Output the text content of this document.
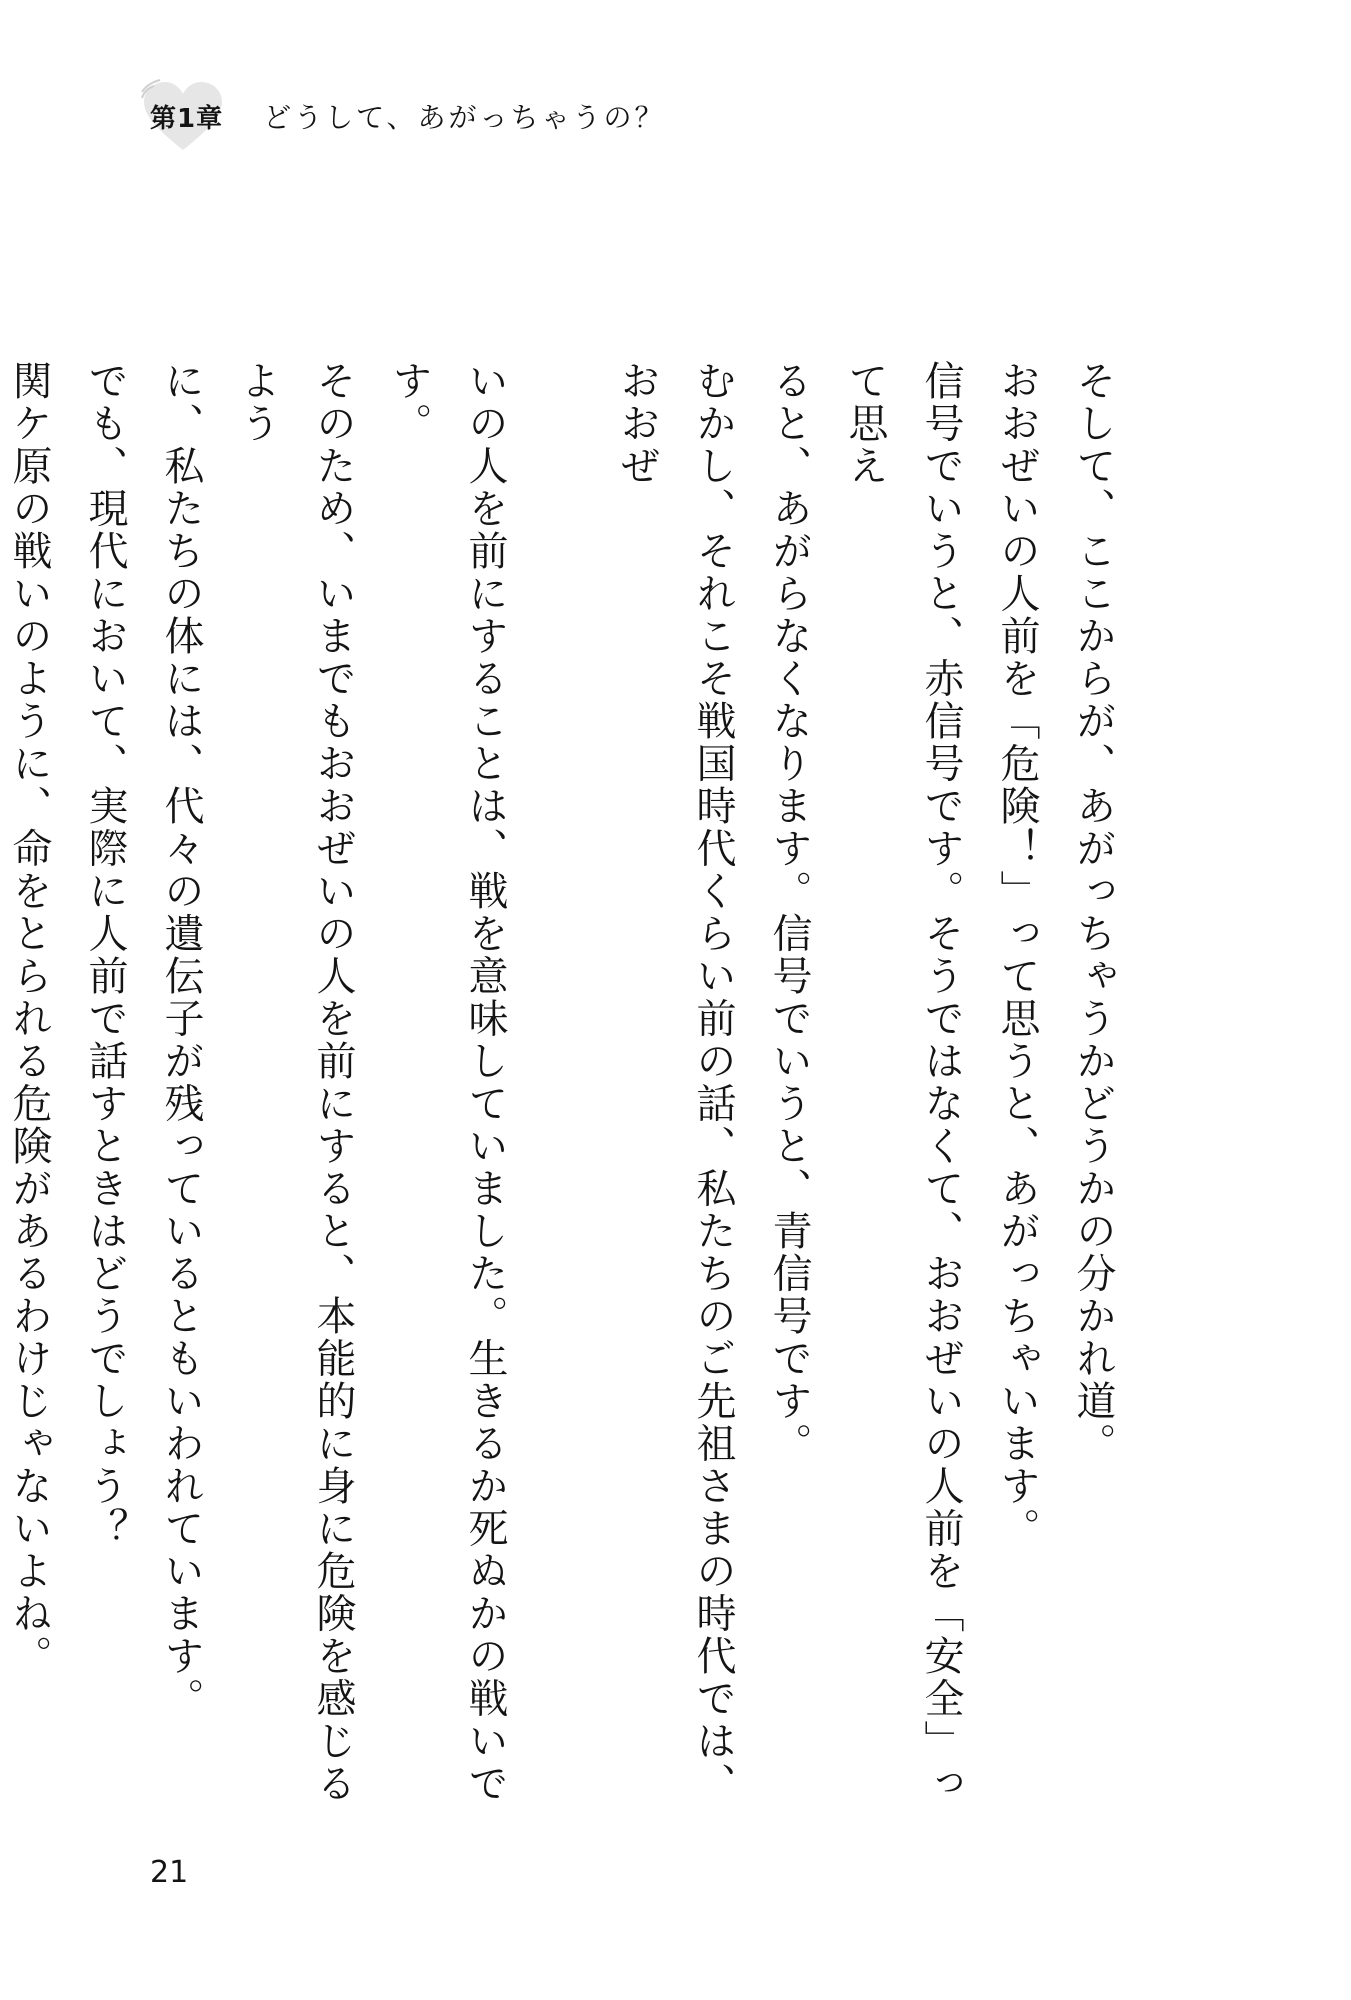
第1章 どうして、あがっちゃうの？

そして、ここからが、あがっちゃうかどうかの分かれ道。

おおぜいの人前を「危険！」って思うと、あがっちゃいます。

信号でいうと、赤信号です。そうではなくて、おおぜいの人前を「安全」って思え

ると、あがらなくなります。信号でいうと、青信号です。

むかし、それこそ戦国時代くらい前の話、私たちのご先祖さまの時代では、おおぜ

いの人を前にすることは、戦を意味していました。生きるか死ぬかの戦いです。

そのため、いまでもおおぜいの人を前にすると、本能的に身に危険を感じるよう

に、私たちの体には、代々の遺伝子が残っているともいわれています。

でも、現代において、実際に人前で話すときはどうでしょう？

関ケ原の戦いのように、命をとられる危険があるわけじゃないよね。

21
